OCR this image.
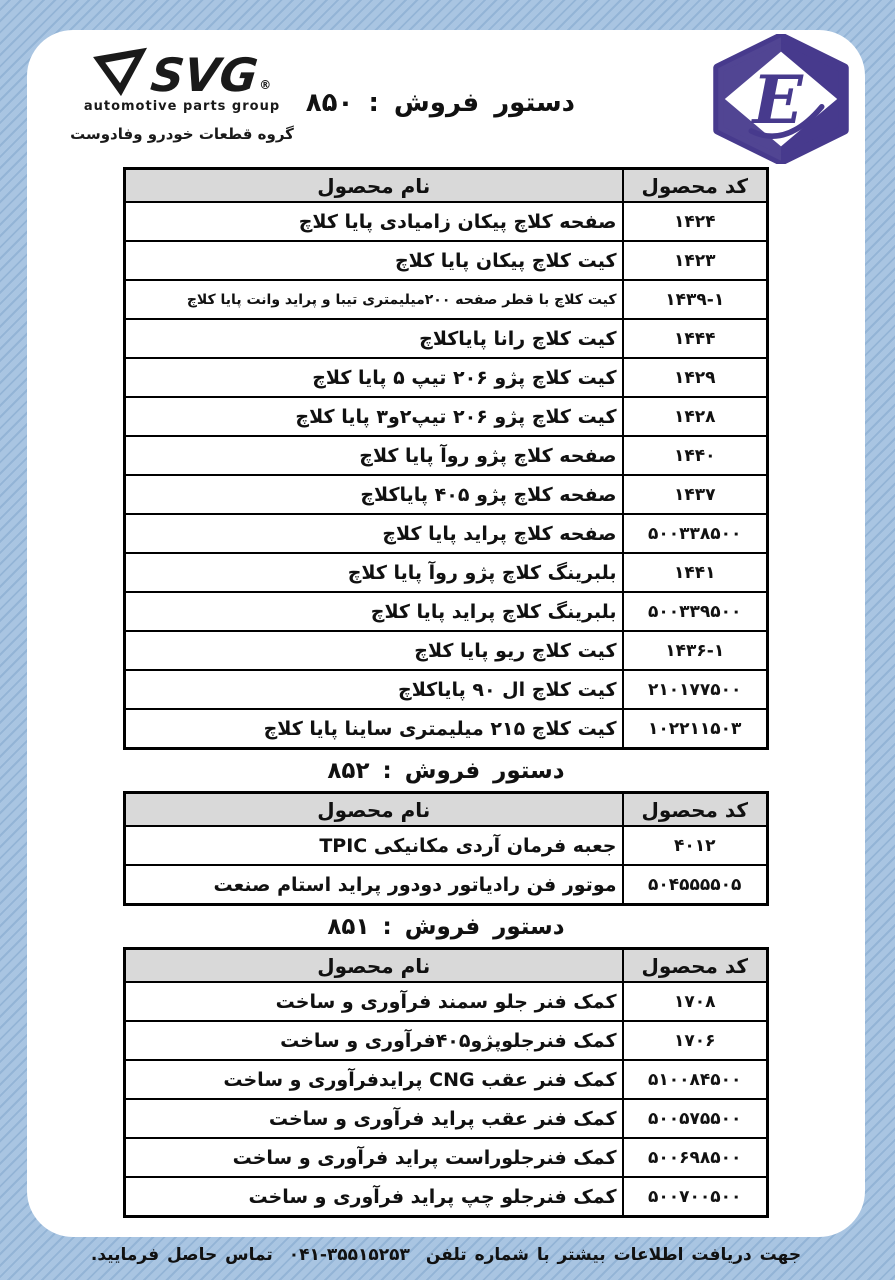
SVG ®
automotive parts group
گروه قطعات خودرو وفادوست
دستور فروش : ۸۵۰	E
کد محصول	نام محصول
۱۴۲۴	صفحه کلاچ پیکان زامیادی پایا کلاچ
۱۴۲۳	کیت کلاچ پیکان پایا کلاچ
۱۴۳۹-۱	کیت کلاچ با قطر صفحه ۲۰۰میلیمتری تیبا و پراید وانت پایا کلاچ
۱۴۴۴	کیت کلاچ رانا پایاکلاچ
۱۴۲۹	کیت کلاچ پژو ۲۰۶ تیپ ۵ پایا کلاچ
۱۴۲۸	کیت کلاچ پژو ۲۰۶ تیپ۲و۳ پایا کلاچ
۱۴۴۰	صفحه کلاچ پژو روآ پایا کلاچ
۱۴۳۷	صفحه کلاچ پژو ۴۰۵ پایاکلاچ
۵۰۰۳۳۸۵۰۰	صفحه کلاچ پراید پایا کلاچ
۱۴۴۱	بلبرینگ کلاچ پژو روآ پایا کلاچ
۵۰۰۳۳۹۵۰۰	بلبرینگ کلاچ پراید پایا کلاچ
۱۴۳۶-۱	کیت کلاچ ریو پایا کلاچ
۲۱۰۱۷۷۵۰۰	کیت کلاچ ال ۹۰ پایاکلاچ
۱۰۲۲۱۱۵۰۳	کیت کلاچ ۲۱۵ میلیمتری ساینا پایا کلاچ
دستور فروش : ۸۵۲
کد محصول	نام محصول
۴۰۱۲	جعبه فرمان آردی مکانیکی TPIC
۵۰۴۵۵۵۵۰۵	موتور فن رادیاتور دودور پراید استام صنعت
دستور فروش : ۸۵۱
کد محصول	نام محصول
۱۷۰۸	کمک فنر جلو سمند فرآوری و ساخت
۱۷۰۶	کمک فنرجلوپژو۴۰۵فرآوری و ساخت
۵۱۰۰۸۴۵۰۰	کمک فنر عقب CNG پرایدفرآوری و ساخت
۵۰۰۵۷۵۵۰۰	کمک فنر عقب پراید فرآوری و ساخت
۵۰۰۶۹۸۵۰۰	کمک فنرجلوراست پراید فرآوری و ساخت
۵۰۰۷۰۰۵۰۰	کمک فنرجلو چپ پراید فرآوری و ساخت
جهت دریافت اطلاعات بیشتر با شماره تلفن ۰۴۱-۳۵۵۱۵۲۵۳ تماس حاصل فرمایید.
